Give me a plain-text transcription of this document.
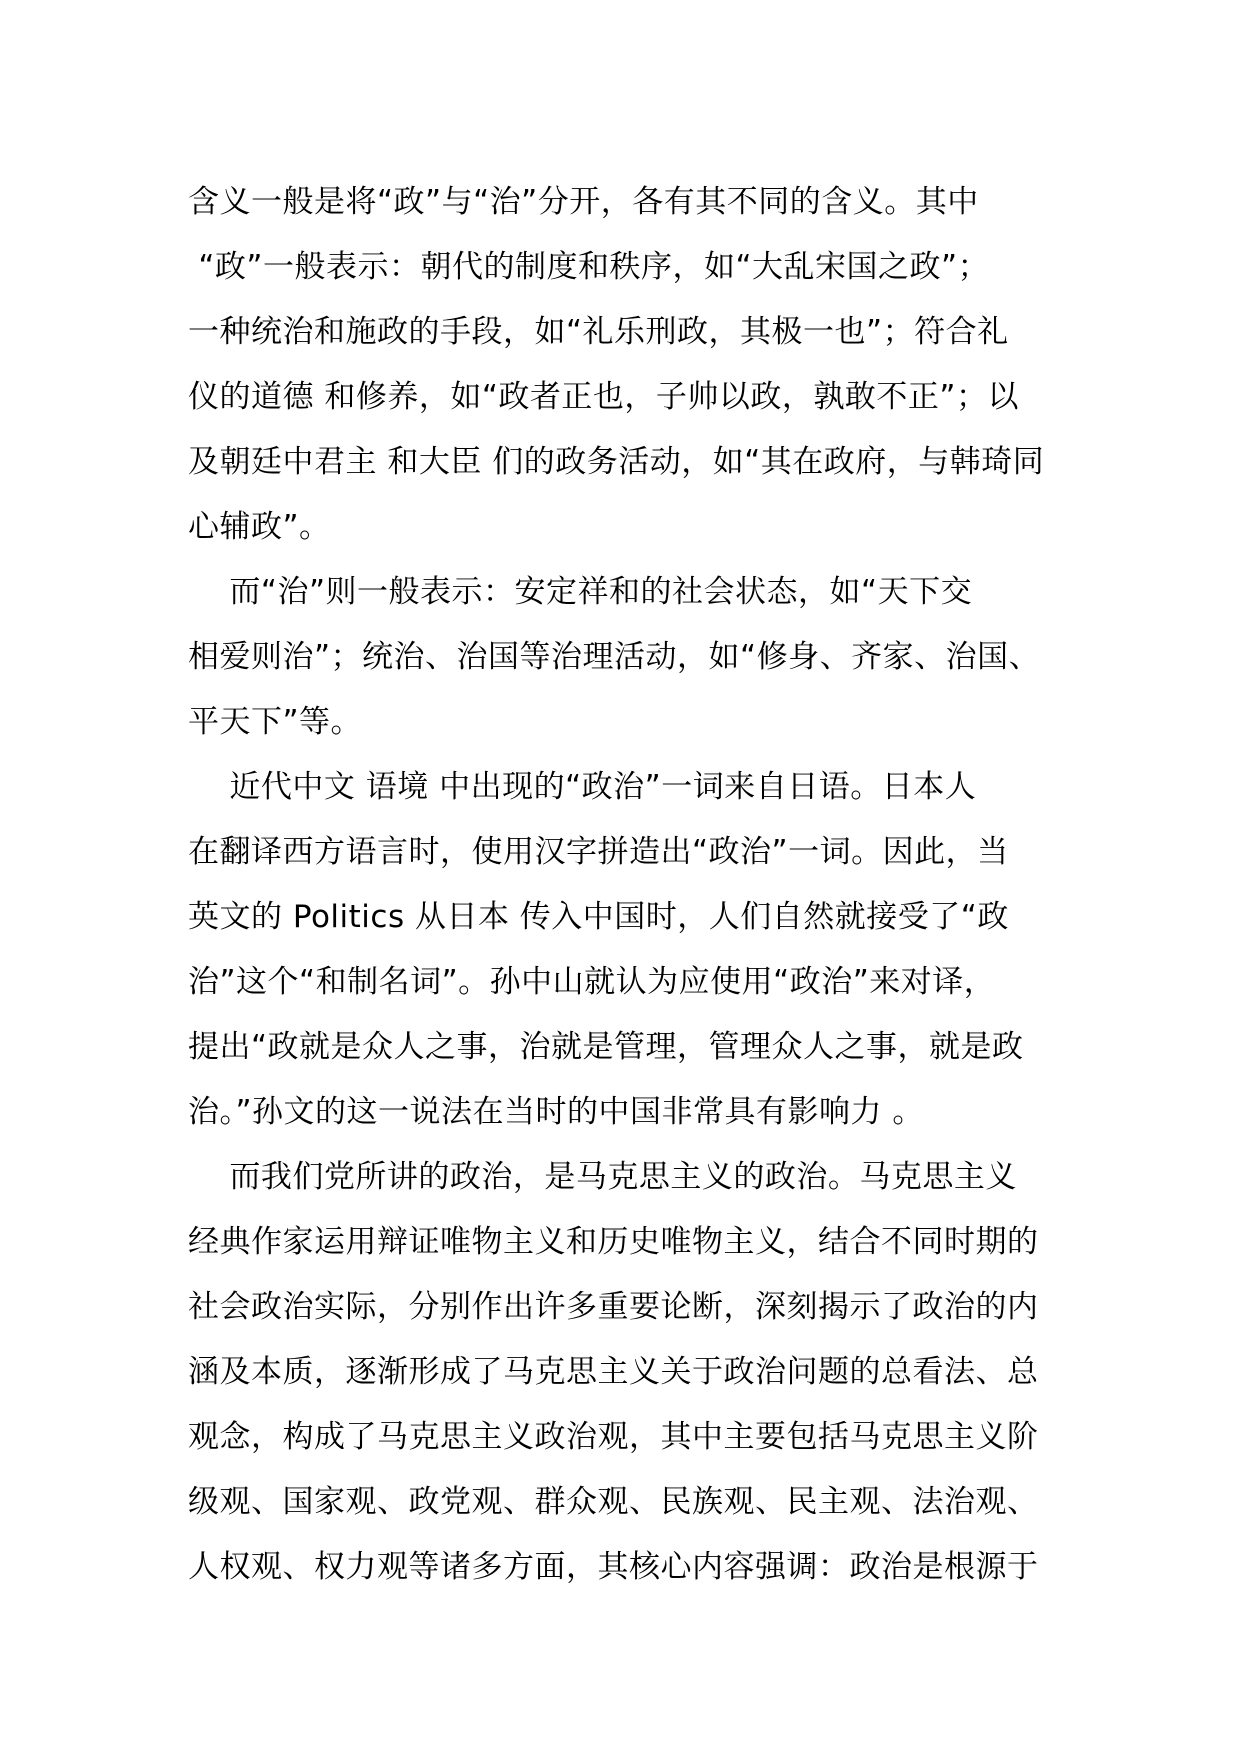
含义一般是将“政”与“治”分开，各有其不同的含义。其中
“政”一般表示：朝代的制度和秩序，如“大乱宋国之政”；
一种统治和施政的手段，如“礼乐刑政，其极一也”；符合礼
仪的道德 和修养，如“政者正也，子帅以政，孰敢不正”；以
及朝廷中君主 和大臣 们的政务活动，如“其在政府，与韩琦同
心辅政”。
而“治”则一般表示：安定祥和的社会状态，如“天下交
相爱则治”；统治、治国等治理活动，如“修身、齐家、治国、
平天下”等。
近代中文 语境 中出现的“政治”一词来自日语。日本人
在翻译西方语言时，使用汉字拼造出“政治”一词。因此，当
英文的 Politics 从日本 传入中国时，人们自然就接受了“政
治”这个“和制名词”。孙中山就认为应使用“政治”来对译，
提出“政就是众人之事，治就是管理，管理众人之事，就是政
治。”孙文的这一说法在当时的中国非常具有影响力 。
而我们党所讲的政治，是马克思主义的政治。马克思主义
经典作家运用辩证唯物主义和历史唯物主义，结合不同时期的
社会政治实际，分别作出许多重要论断，深刻揭示了政治的内
涵及本质，逐渐形成了马克思主义关于政治问题的总看法、总
观念，构成了马克思主义政治观，其中主要包括马克思主义阶
级观、国家观、政党观、群众观、民族观、民主观、法治观、
人权观、权力观等诸多方面，其核心内容强调：政治是根源于
